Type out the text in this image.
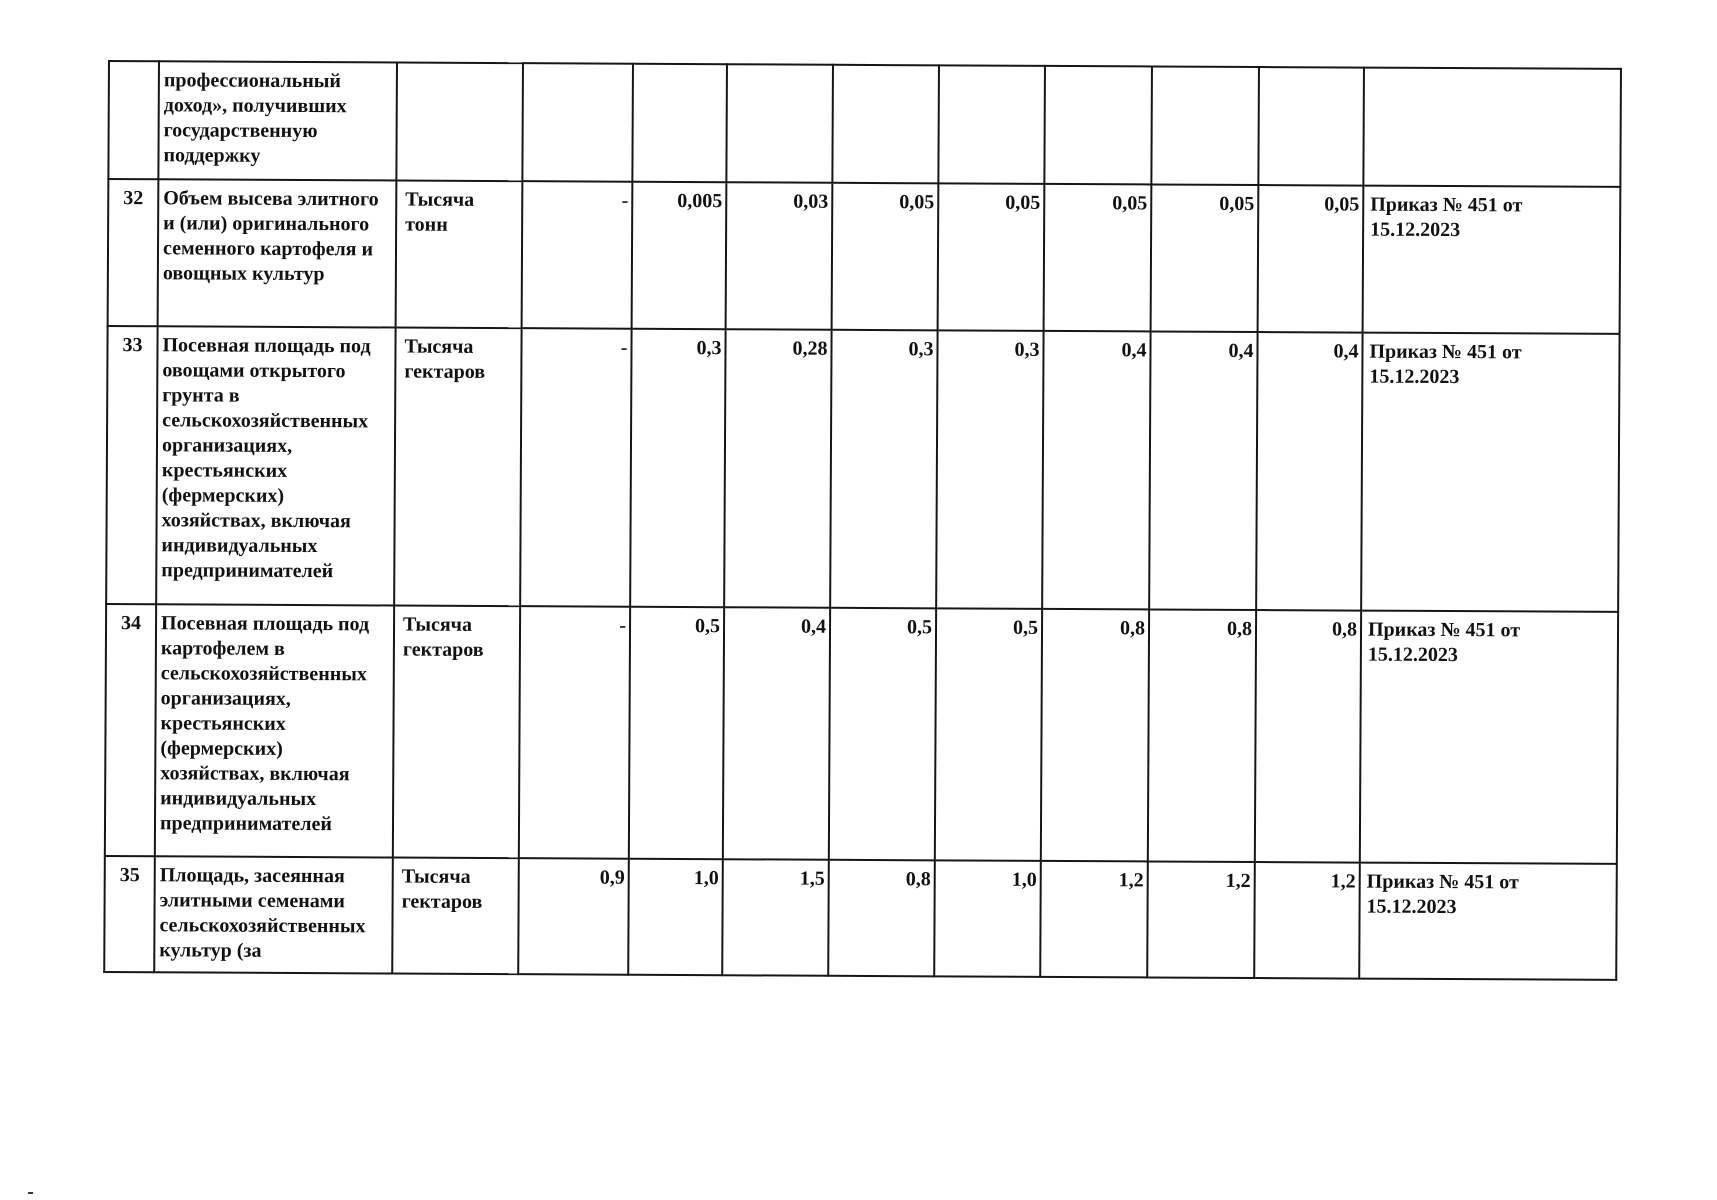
	профессиональный доход», получивших государственную поддержку										
32	Объем высева элитного и (или) оригинального семенного картофеля и овощных культур	Тысяча тонн	-	0,005	0,03	0,05	0,05	0,05	0,05	0,05	Приказ № 451 от 15.12.2023
33	Посевная площадь под овощами открытого грунта в сельскохозяйственных организациях, крестьянских (фермерских) хозяйствах, включая индивидуальных предпринимателей	Тысяча гектаров	-	0,3	0,28	0,3	0,3	0,4	0,4	0,4	Приказ № 451 от 15.12.2023
34	Посевная площадь под картофелем в сельскохозяйственных организациях, крестьянских (фермерских) хозяйствах, включая индивидуальных предпринимателей	Тысяча гектаров	-	0,5	0,4	0,5	0,5	0,8	0,8	0,8	Приказ № 451 от 15.12.2023
35	Площадь, засеянная элитными семенами сельскохозяйственных культур (за	Тысяча гектаров	0,9	1,0	1,5	0,8	1,0	1,2	1,2	1,2	Приказ № 451 от 15.12.2023
